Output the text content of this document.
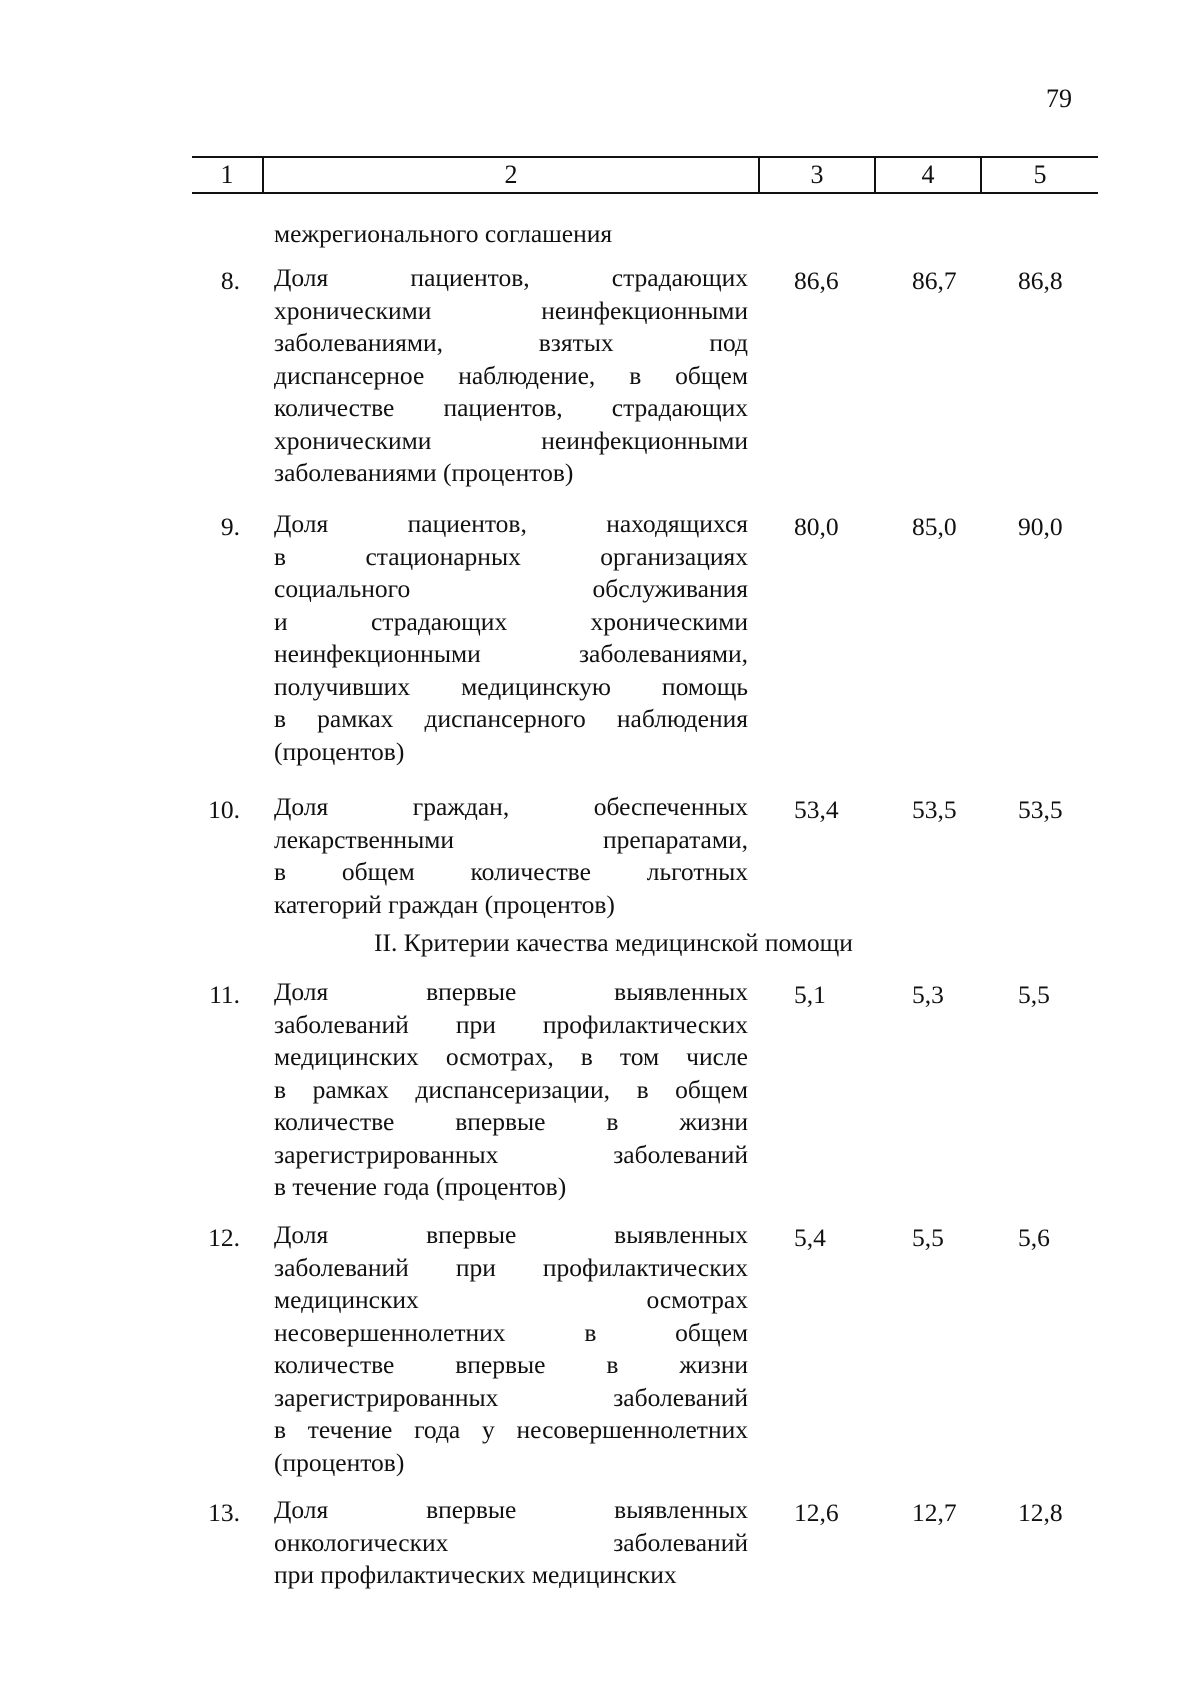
79
1	2	3	4	5
межрегионального соглашения
II. Критерии качества медицинской помощи
8. Доля пациентов, страдающих
хроническими неинфекционными
заболеваниями, взятых под
диспансерное наблюдение, в общем
количестве пациентов, страдающих
хроническими неинфекционными
заболеваниями (процентов)
86,6	86,7 86,8
9. Доля пациентов, находящихся
в стационарных организациях
социального обслуживания
и страдающих хроническими
неинфекционными заболеваниями,
получивших медицинскую помощь
в рамках диспансерного наблюдения
(процентов)
80,0	85,0 90,0
10. Доля граждан, обеспеченных
лекарственными препаратами,
в общем количестве льготных
категорий граждан (процентов)
53,4	53,5 53,5
11. Доля впервые выявленных
заболеваний при профилактических
медицинских осмотрах, в том числе
в рамках диспансеризации, в общем
количестве впервые в жизни
зарегистрированных заболеваний
в течение года (процентов)
5,1	5,3	5,5
12. Доля впервые выявленных
заболеваний при профилактических
медицинских осмотрах
несовершеннолетних в общем
количестве впервые в жизни
зарегистрированных заболеваний
в течение года у несовершеннолетних
(процентов)
5,4	5,5	5,6
13. Доля впервые выявленных
онкологических заболеваний
при профилактических медицинских
12,6	12,7 12,8
